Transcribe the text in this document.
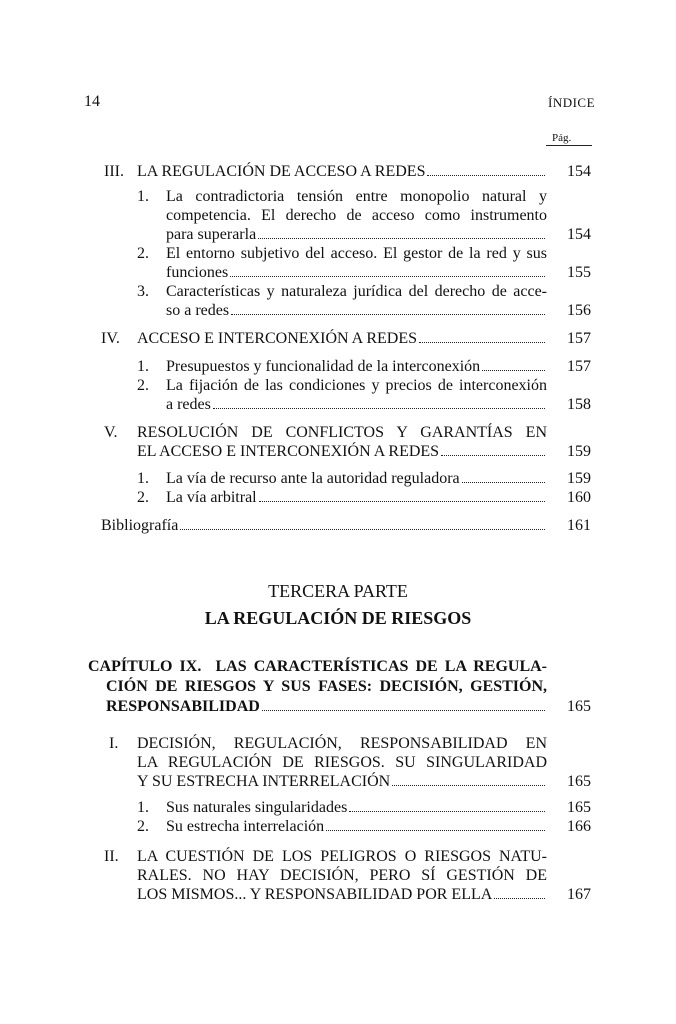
14	ÍNDICE
Pág.
III. LA REGULACIÓN DE ACCESO A REDES	154
1. La contradictoria tensión entre monopolio natural y
competencia. El derecho de acceso como instrumento
para superarla	154
2. El entorno subjetivo del acceso. El gestor de la red y sus
funciones	155
3. Características y naturaleza jurídica del derecho de acce-
so a redes	156
IV. ACCESO E INTERCONEXIÓN A REDES	157
1. Presupuestos y funcionalidad de la interconexión	157
2. La fijación de las condiciones y precios de interconexión
a redes	158
V. RESOLUCIÓN DE CONFLICTOS Y GARANTÍAS EN
EL ACCESO E INTERCONEXIÓN A REDES	159
1. La vía de recurso ante la autoridad reguladora	159
2. La vía arbitral	160
Bibliografía	161
TERCERA PARTE
LA REGULACIÓN DE RIESGOS
CAPÍTULO IX. LAS CARACTERÍSTICAS DE LA REGULA-
CIÓN DE RIESGOS Y SUS FASES: DECISIÓN, GESTIÓN,
RESPONSABILIDAD	165
I. DECISIÓN, REGULACIÓN, RESPONSABILIDAD EN
LA REGULACIÓN DE RIESGOS. SU SINGULARIDAD
Y SU ESTRECHA INTERRELACIÓN	165
1. Sus naturales singularidades	165
2. Su estrecha interrelación	166
II. LA CUESTIÓN DE LOS PELIGROS O RIESGOS NATU-
RALES. NO HAY DECISIÓN, PERO SÍ GESTIÓN DE
LOS MISMOS... Y RESPONSABILIDAD POR ELLA	167
